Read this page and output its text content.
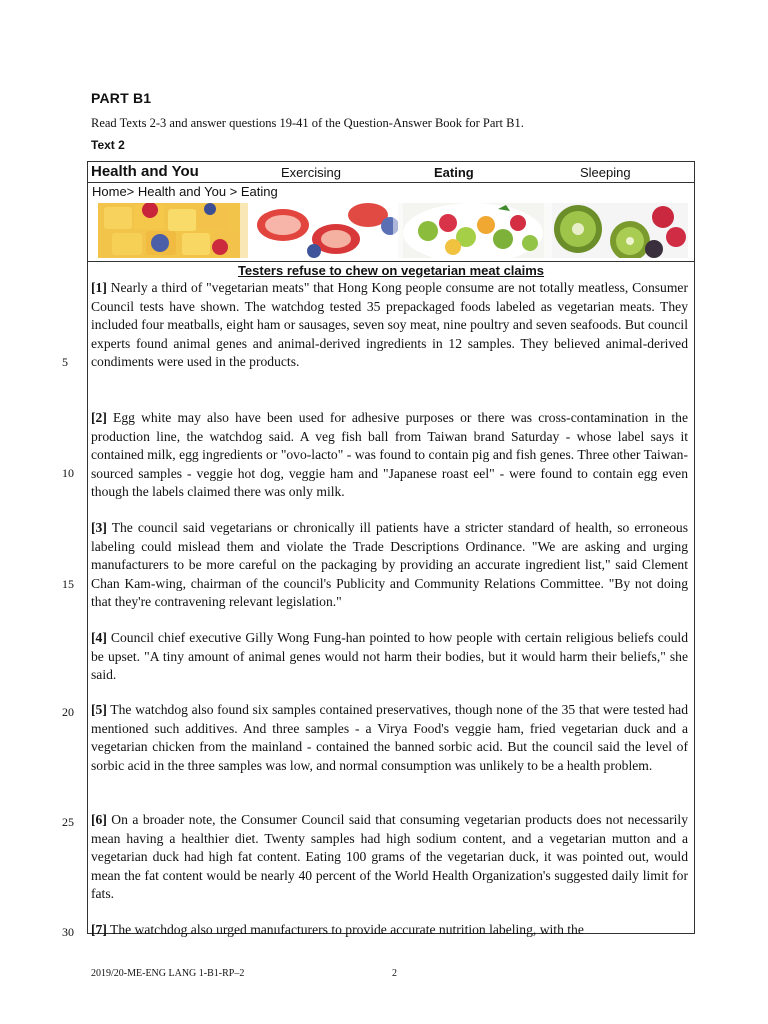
PART B1
Read Texts 2-3 and answer questions 19-41 of the Question-Answer Book for Part B1.
Text 2
Health and You	Exercising	Eating	Sleeping
Home> Health and You > Eating

Testers refuse to chew on vegetarian meat claims

[1] Nearly a third of "vegetarian meats" that Hong Kong people consume are not totally meatless, Consumer Council tests have shown. The watchdog tested 35 prepackaged foods labeled as vegetarian meats. They included four meatballs, eight ham or sausages, seven soy meat, nine poultry and seven seafoods. But council experts found animal genes and animal-derived ingredients in 12 samples. They believed animal-derived condiments were used in the products.

[2] Egg white may also have been used for adhesive purposes or there was cross-contamination in the production line, the watchdog said. A veg fish ball from Taiwan brand Saturday - whose label says it contained milk, egg ingredients or "ovo-lacto" - was found to contain pig and fish genes. Three other Taiwan-sourced samples - veggie hot dog, veggie ham and "Japanese roast eel" - were found to contain egg even though the labels claimed there was only milk.

[3] The council said vegetarians or chronically ill patients have a stricter standard of health, so erroneous labeling could mislead them and violate the Trade Descriptions Ordinance. "We are asking and urging manufacturers to be more careful on the packaging by providing an accurate ingredient list," said Clement Chan Kam-wing, chairman of the council's Publicity and Community Relations Committee. "By not doing that they're contravening relevant legislation."

[4] Council chief executive Gilly Wong Fung-han pointed to how people with certain religious beliefs could be upset. "A tiny amount of animal genes would not harm their bodies, but it would harm their beliefs," she said.

[5] The watchdog also found six samples contained preservatives, though none of the 35 that were tested had mentioned such additives. And three samples - a Virya Food's veggie ham, fried vegetarian duck and a vegetarian chicken from the mainland - contained the banned sorbic acid. But the council said the level of sorbic acid in the three samples was low, and normal consumption was unlikely to be a health problem.

[6] On a broader note, the Consumer Council said that consuming vegetarian products does not necessarily mean having a healthier diet. Twenty samples had high sodium content, and a vegetarian mutton and a vegetarian duck had high fat content. Eating 100 grams of the vegetarian duck, it was pointed out, would mean the fat content would be nearly 40 percent of the World Health Organization's suggested daily limit for fats.

[7] The watchdog also urged manufacturers to provide accurate nutrition labeling, with the

5
10
15
20
25
30
2019/20-ME-ENG LANG 1-B1-RP–2	2
